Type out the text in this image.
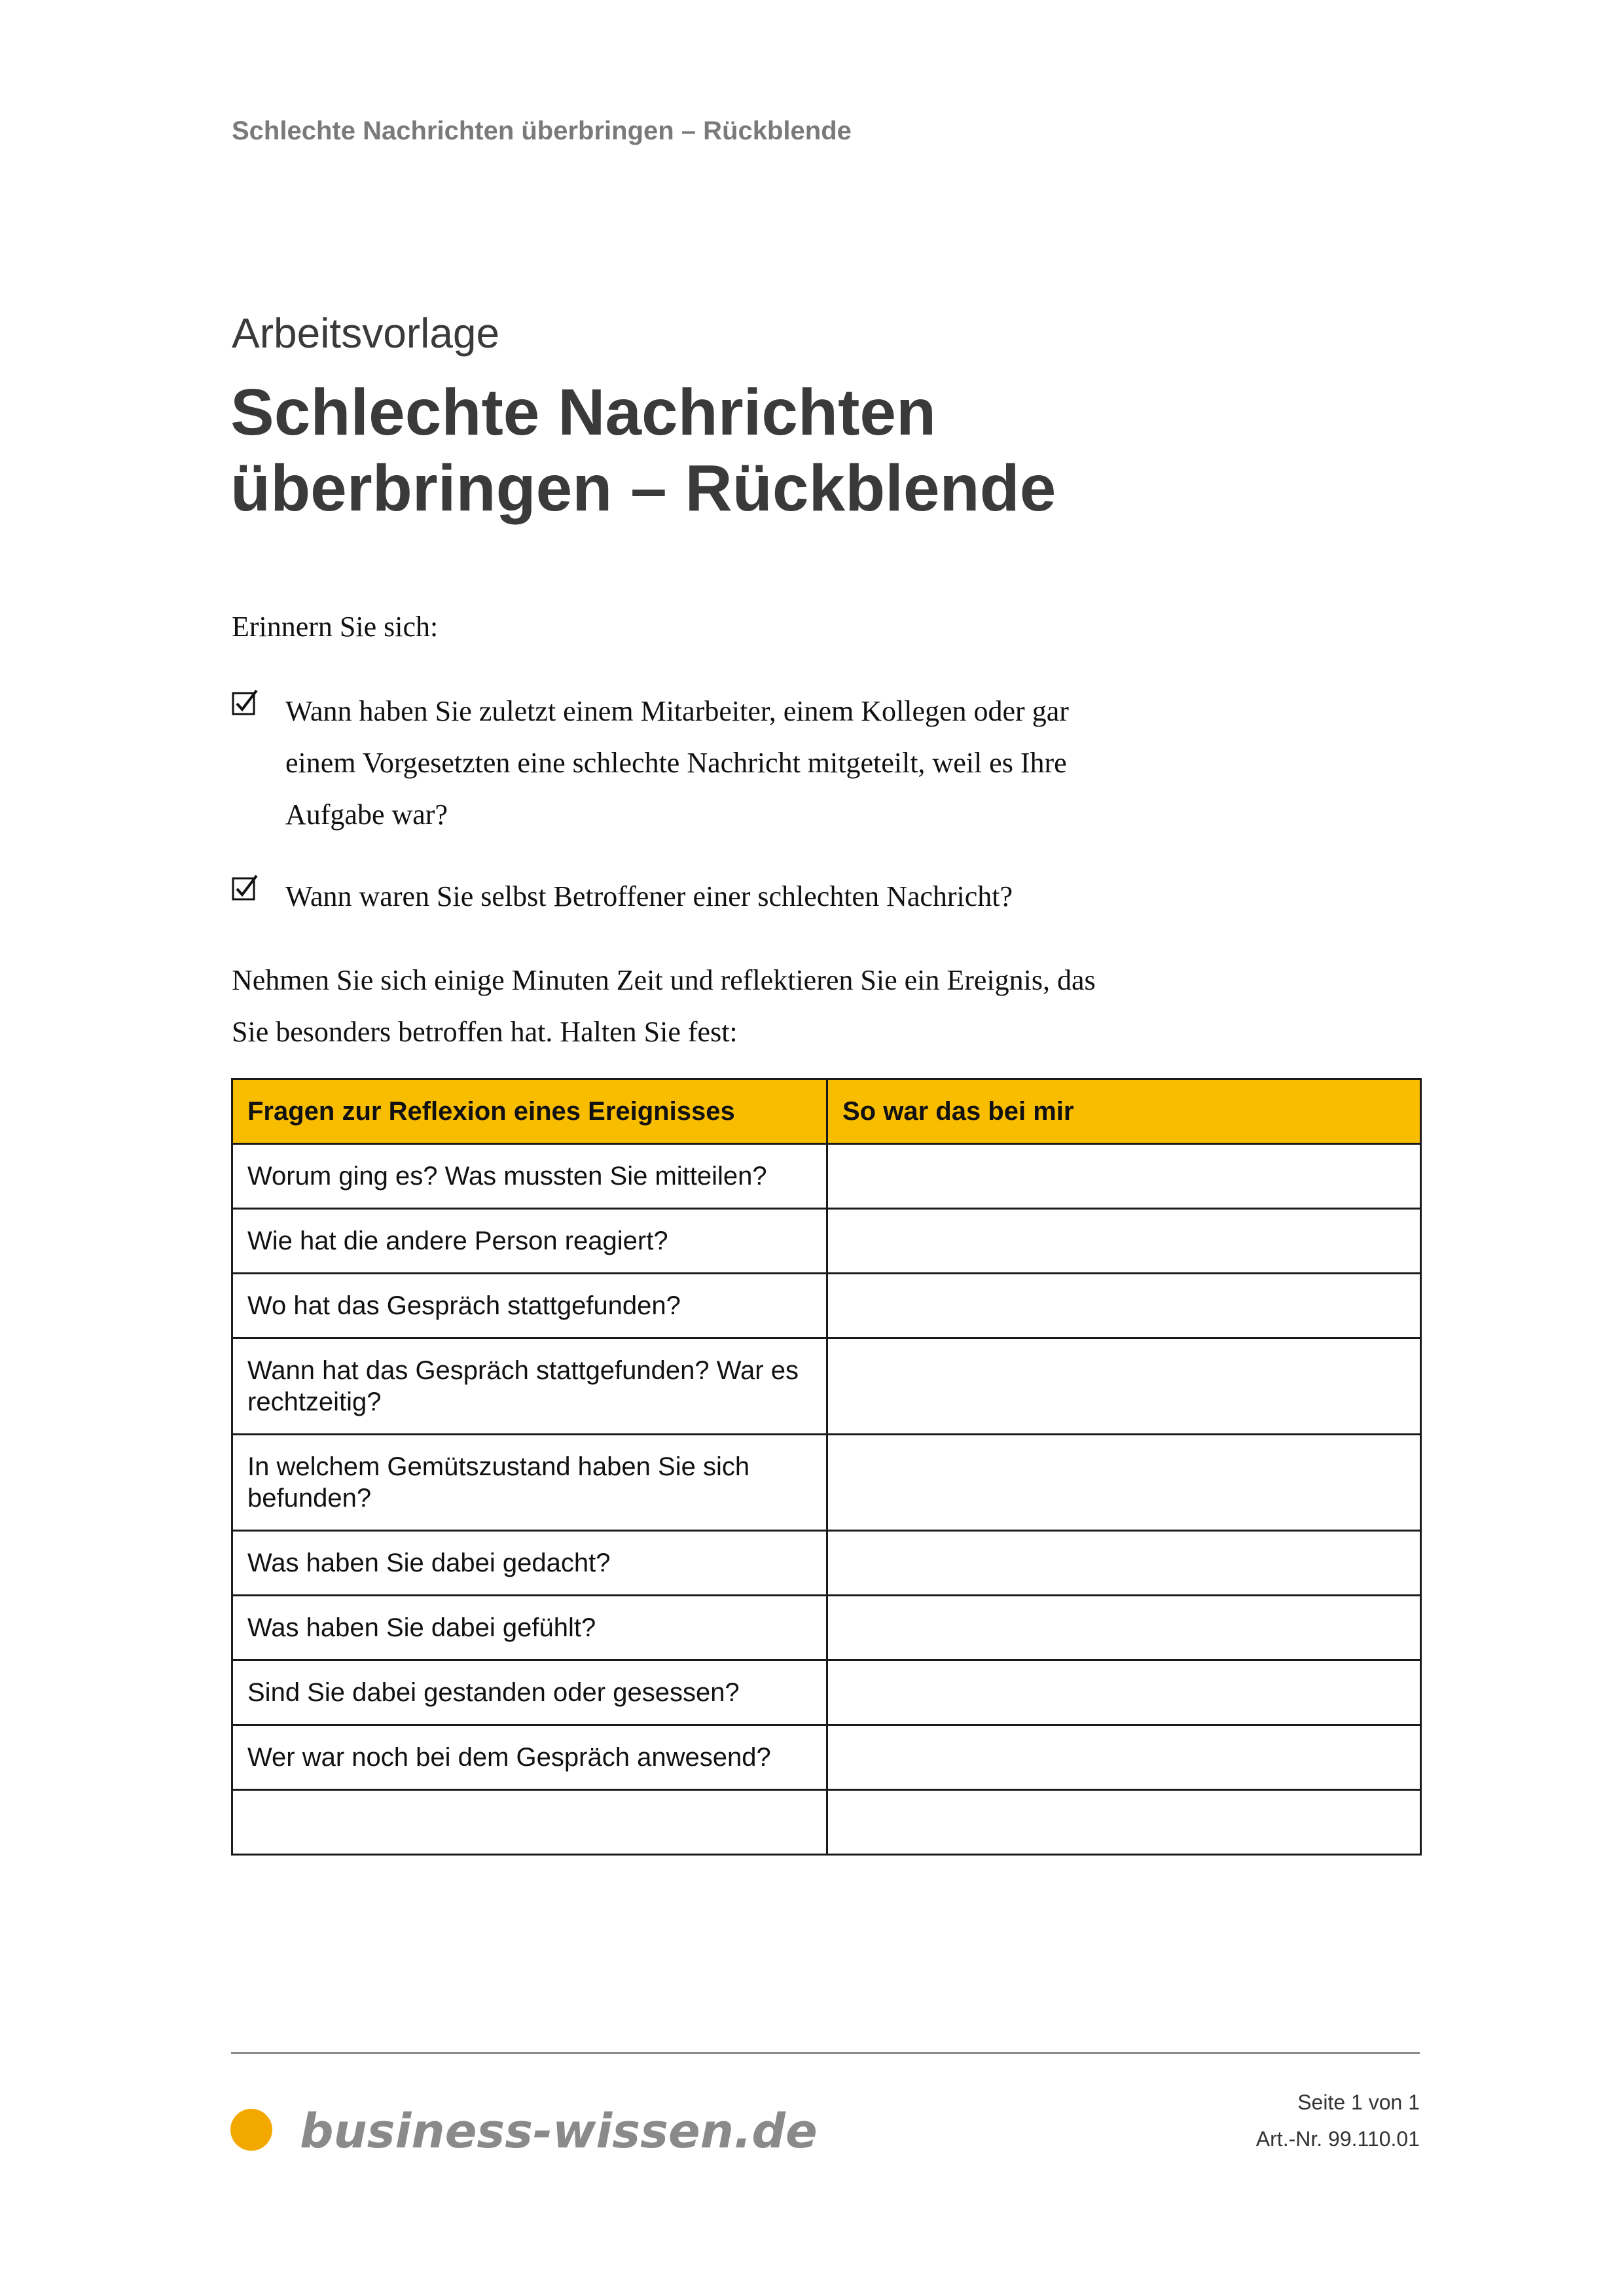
Schlechte Nachrichten überbringen – Rückblende
Arbeitsvorlage
Schlechte Nachrichten
überbringen – Rückblende
Erinnern Sie sich:
Wann haben Sie zuletzt einem Mitarbeiter, einem Kollegen oder gar
einem Vorgesetzten eine schlechte Nachricht mitgeteilt, weil es Ihre
Aufgabe war?
Wann waren Sie selbst Betroffener einer schlechten Nachricht?
Nehmen Sie sich einige Minuten Zeit und reflektieren Sie ein Ereignis, das
Sie besonders betroffen hat. Halten Sie fest:
Fragen zur Reflexion eines Ereignisses	So war das bei mir
Worum ging es? Was mussten Sie mitteilen?	
Wie hat die andere Person reagiert?	
Wo hat das Gespräch stattgefunden?	
Wann hat das Gespräch stattgefunden? War es rechtzeitig?	
In welchem Gemütszustand haben Sie sich befunden?	
Was haben Sie dabei gedacht?	
Was haben Sie dabei gefühlt?	
Sind Sie dabei gestanden oder gesessen?	
Wer war noch bei dem Gespräch anwesend?	

business-wissen.de
Seite 1 von 1
Art.-Nr. 99.110.01
